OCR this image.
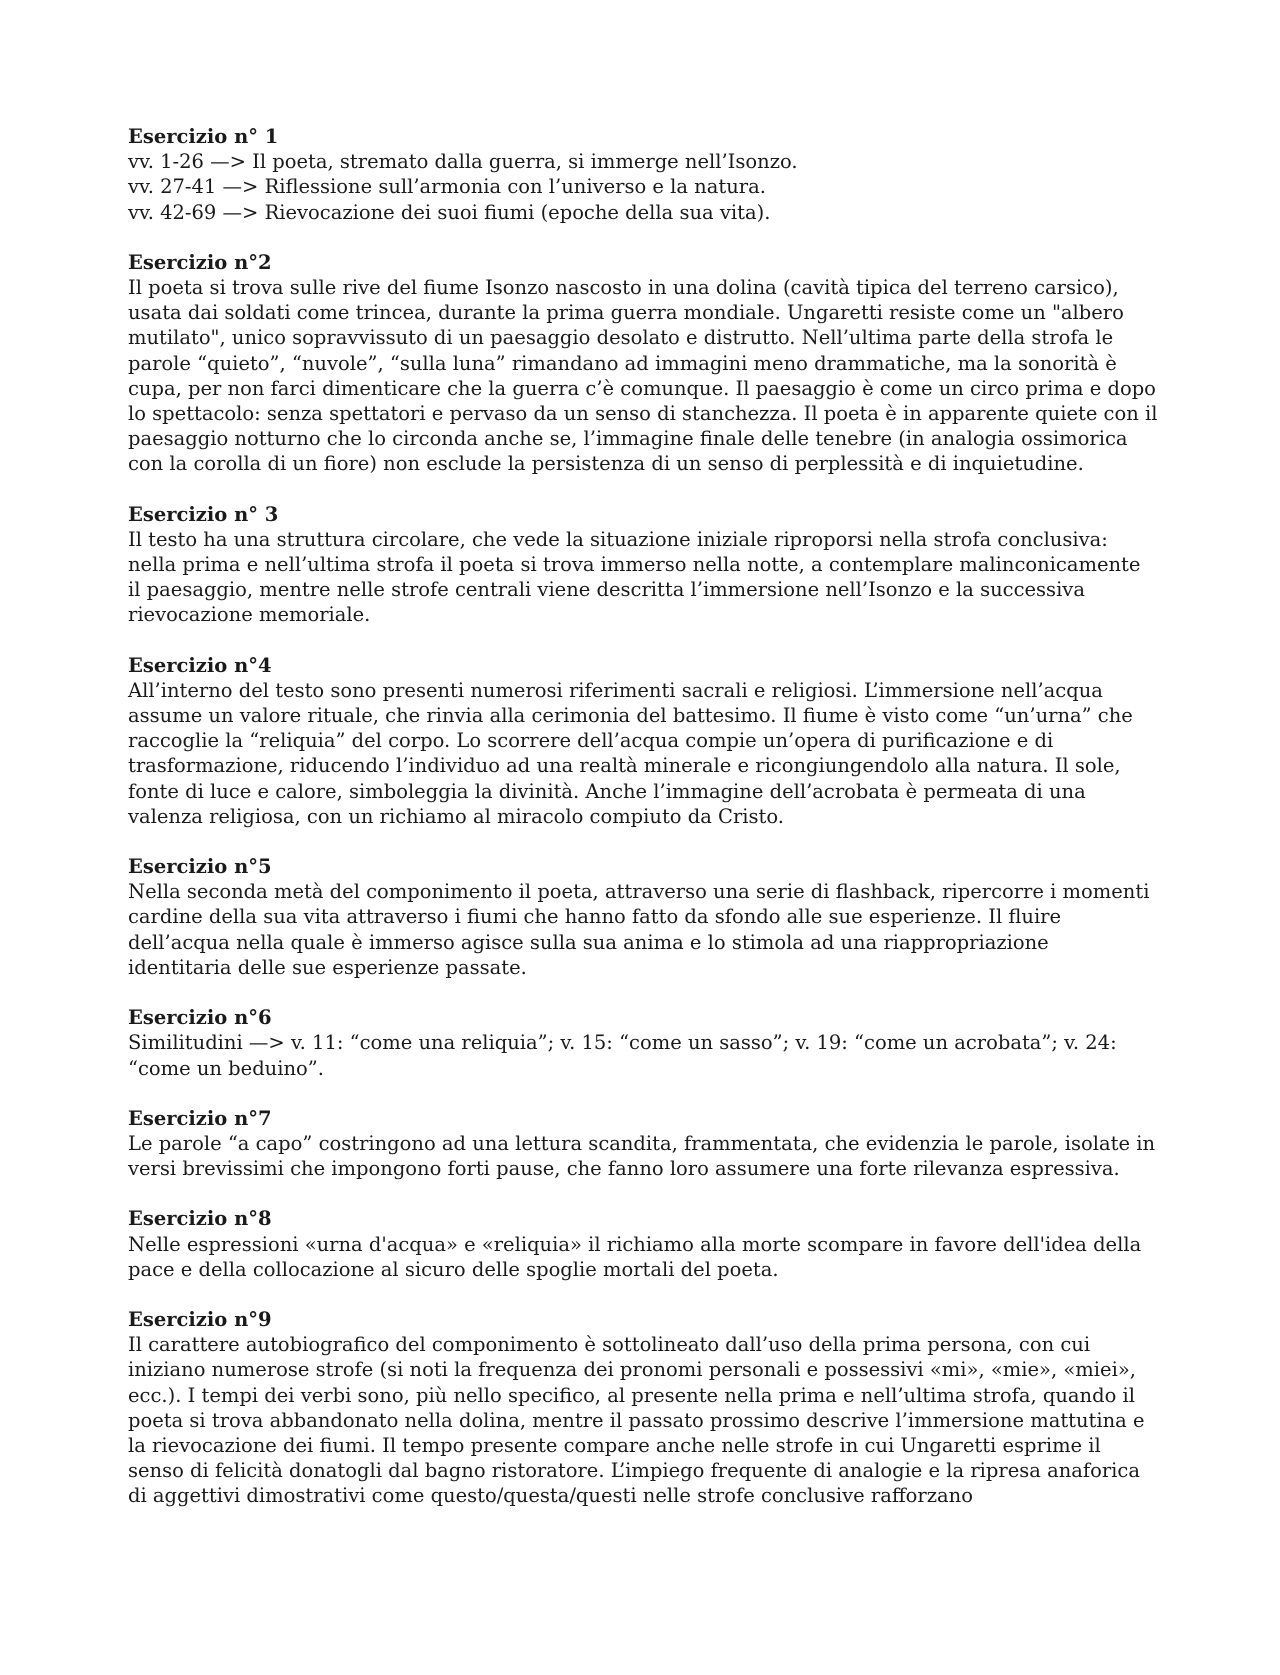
Esercizio n° 1
vv. 1-26 —> Il poeta, stremato dalla guerra, si immerge nell’Isonzo.
vv. 27-41 —> Riflessione sull’armonia con l’universo e la natura.
vv. 42-69 —> Rievocazione dei suoi fiumi (epoche della sua vita).
Esercizio n°2
Il poeta si trova sulle rive del fiume Isonzo nascosto in una dolina (cavità tipica del terreno carsico), usata dai soldati come trincea, durante la prima guerra mondiale. Ungaretti resiste come un "albero mutilato", unico sopravvissuto di un paesaggio desolato e distrutto. Nell’ultima parte della strofa le parole “quieto”, “nuvole”, “sulla luna” rimandano ad immagini meno drammatiche, ma la sonorità è cupa, per non farci dimenticare che la guerra c’è comunque. Il paesaggio è come un circo prima e dopo lo spettacolo: senza spettatori e pervaso da un senso di stanchezza. Il poeta è in apparente quiete con il paesaggio notturno che lo circonda anche se, l’immagine finale delle tenebre (in analogia ossimorica con la corolla di un fiore) non esclude la persistenza di un senso di perplessità e di inquietudine.
Esercizio n° 3
Il testo ha una struttura circolare, che vede la situazione iniziale riproporsi nella strofa conclusiva: nella prima e nell’ultima strofa il poeta si trova immerso nella notte, a contemplare malinconicamente il paesaggio, mentre nelle strofe centrali viene descritta l’immersione nell’Isonzo e la successiva rievocazione memoriale.
Esercizio n°4
All’interno del testo sono presenti numerosi riferimenti sacrali e religiosi. L’immersione nell’acqua assume un valore rituale, che rinvia alla cerimonia del battesimo. Il fiume è visto come “un’urna” che raccoglie la “reliquia” del corpo. Lo scorrere dell’acqua compie un’opera di purificazione e di trasformazione, riducendo l’individuo ad una realtà minerale e ricongiungendolo alla natura. Il sole, fonte di luce e calore, simboleggia la divinità. Anche l’immagine dell’acrobata è permeata di una valenza religiosa, con un richiamo al miracolo compiuto da Cristo.
Esercizio n°5
Nella seconda metà del componimento il poeta, attraverso una serie di flashback, ripercorre i momenti cardine della sua vita attraverso i fiumi che hanno fatto da sfondo alle sue esperienze. Il fluire dell’acqua nella quale è immerso agisce sulla sua anima e lo stimola ad una riappropriazione identitaria delle sue esperienze passate.
Esercizio n°6
Similitudini —> v. 11: “come una reliquia”; v. 15: “come un sasso”; v. 19: “come un acrobata”; v. 24: “come un beduino”.
Esercizio n°7
Le parole “a capo” costringono ad una lettura scandita, frammentata, che evidenzia le parole, isolate in versi brevissimi che impongono forti pause, che fanno loro assumere una forte rilevanza espressiva.
Esercizio n°8
Nelle espressioni «urna d'acqua» e «reliquia» il richiamo alla morte scompare in favore dell'idea della pace e della collocazione al sicuro delle spoglie mortali del poeta.
Esercizio n°9
Il carattere autobiografico del componimento è sottolineato dall’uso della prima persona, con cui iniziano numerose strofe (si noti la frequenza dei pronomi personali e possessivi «mi», «mie», «miei», ecc.). I tempi dei verbi sono, più nello specifico, al presente nella prima e nell’ultima strofa, quando il poeta si trova abbandonato nella dolina, mentre il passato prossimo descrive l’immersione mattutina e la rievocazione dei fiumi. Il tempo presente compare anche nelle strofe in cui Ungaretti esprime il senso di felicità donatogli dal bagno ristoratore. L’impiego frequente di analogie e la ripresa anaforica di aggettivi dimostrativi come questo/questa/questi nelle strofe conclusive rafforzano
